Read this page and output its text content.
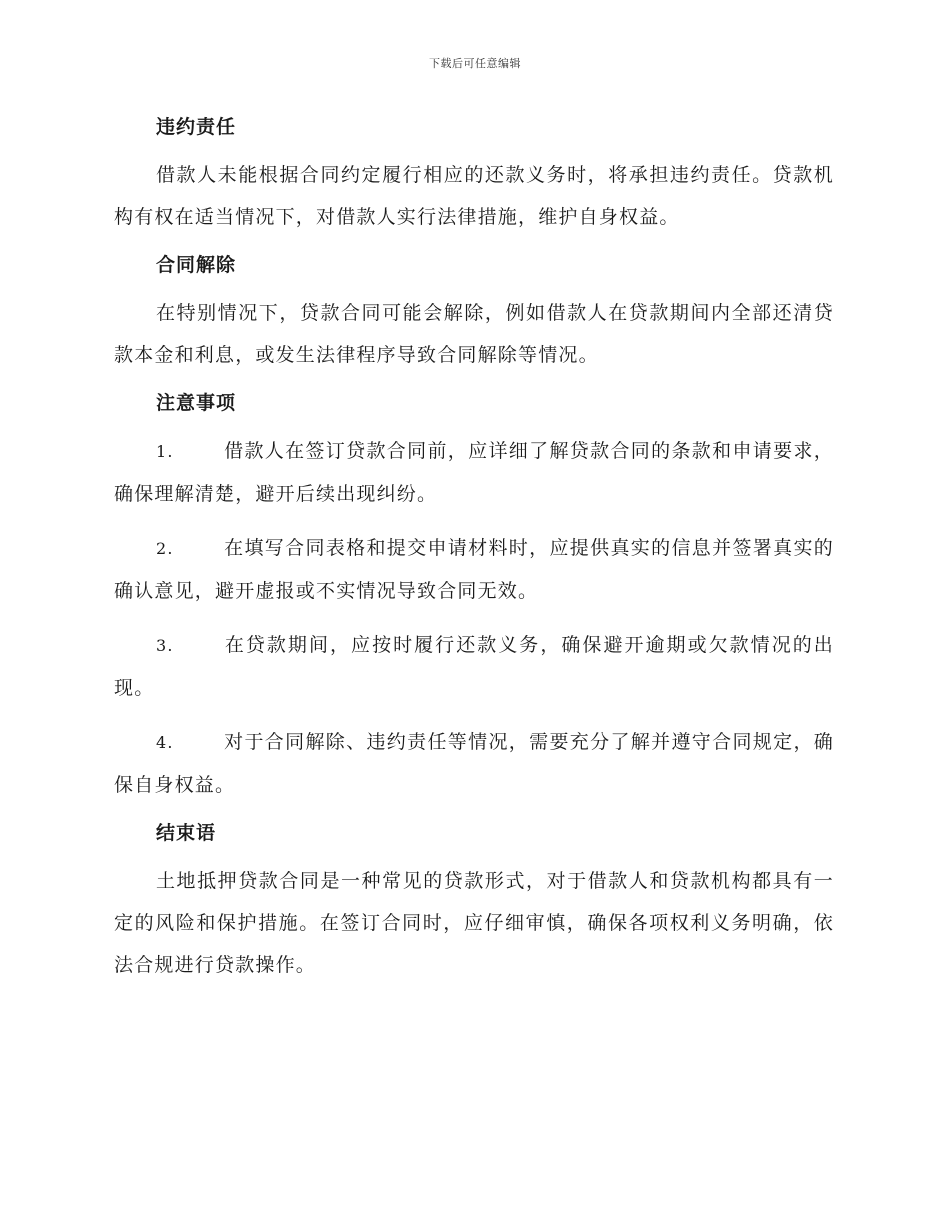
下载后可任意编辑
违约责任

借款人未能根据合同约定履行相应的还款义务时，将承担违约责任。贷款机构有权在适当情况下，对借款人实行法律措施，维护自身权益。

合同解除

在特别情况下，贷款合同可能会解除，例如借款人在贷款期间内全部还清贷款本金和利息，或发生法律程序导致合同解除等情况。

注意事项

1.	借款人在签订贷款合同前，应详细了解贷款合同的条款和申请要求，确保理解清楚，避开后续出现纠纷。

2.	在填写合同表格和提交申请材料时，应提供真实的信息并签署真实的确认意见，避开虚报或不实情况导致合同无效。

3.	在贷款期间，应按时履行还款义务，确保避开逾期或欠款情况的出现。

4.	对于合同解除、违约责任等情况，需要充分了解并遵守合同规定，确保自身权益。

结束语

土地抵押贷款合同是一种常见的贷款形式，对于借款人和贷款机构都具有一定的风险和保护措施。在签订合同时，应仔细审慎，确保各项权利义务明确，依法合规进行贷款操作。
